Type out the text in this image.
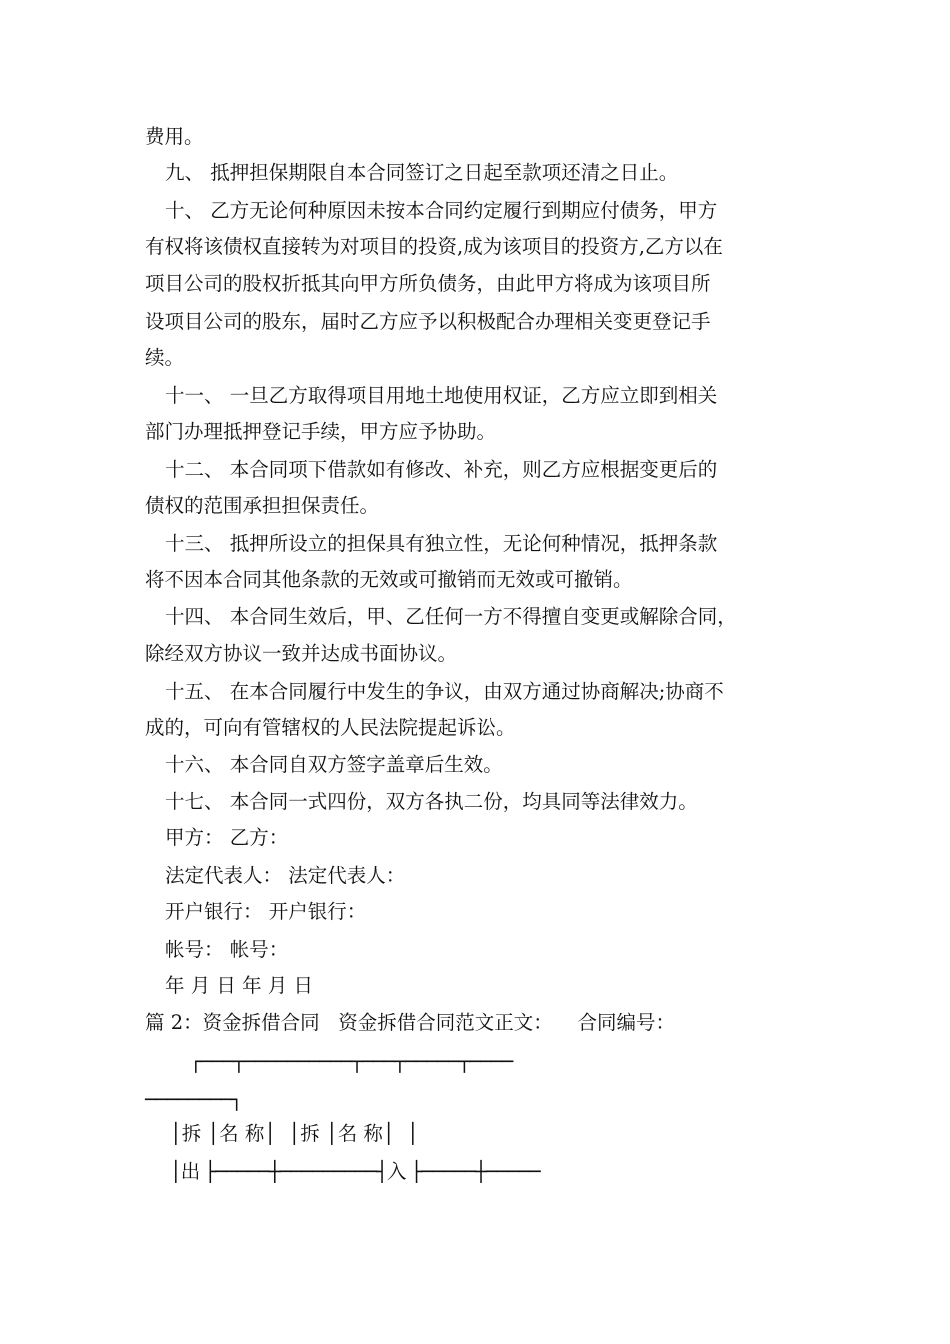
费用。
九、 抵押担保期限自本合同签订之日起至款项还清之日止。
十、 乙方无论何种原因未按本合同约定履行到期应付债务，甲方
有权将该债权直接转为对项目的投资,成为该项目的投资方,乙方以在
项目公司的股权折抵其向甲方所负债务，由此甲方将成为该项目所
设项目公司的股东，届时乙方应予以积极配合办理相关变更登记手
续。
十一、 一旦乙方取得项目用地土地使用权证，乙方应立即到相关
部门办理抵押登记手续，甲方应予协助。
十二、 本合同项下借款如有修改、补充，则乙方应根据变更后的
债权的范围承担担保责任。
十三、 抵押所设立的担保具有独立性，无论何种情况，抵押条款
将不因本合同其他条款的无效或可撤销而无效或可撤销。
十四、 本合同生效后，甲、乙任何一方不得擅自变更或解除合同，
除经双方协议一致并达成书面协议。
十五、 在本合同履行中发生的争议，由双方通过协商解决;协商不
成的，可向有管辖权的人民法院提起诉讼。
十六、 本合同自双方签字盖章后生效。
十七、 本合同一式四份，双方各执二份，均具同等法律效力。
甲方： 乙方：
法定代表人： 法定代表人：
开户银行： 开户银行：
帐号： 帐号：
年 月 日 年 月 日
篇 2：资金拆借合同   资金拆借合同范文正文：    合同编号：
┌───┬──────────┬───┬─────┬────
────────┐
│拆 │名 称│  │拆 │名 称│  │
│出 ├─────┼─────────┤入 ├─────┼─────
